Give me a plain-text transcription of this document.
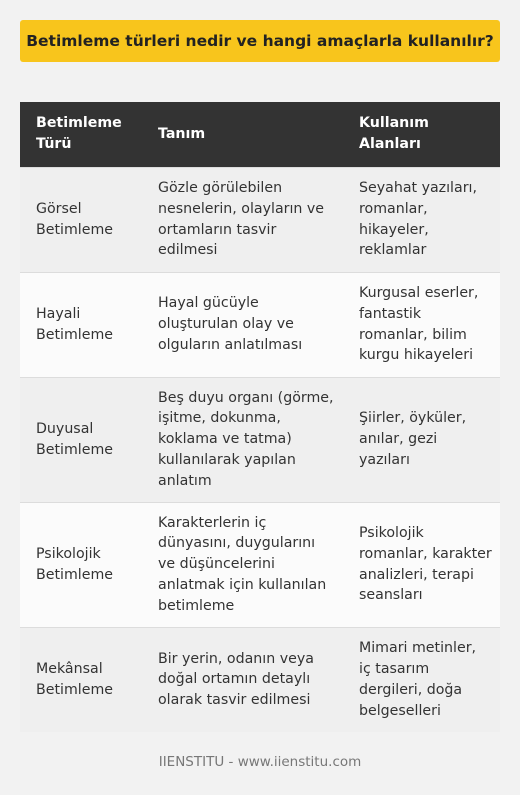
Betimleme türleri nedir ve hangi amaçlarla kullanılır?
Betimleme Türü	Tanım	Kullanım Alanları
Görsel Betimleme	Gözle görülebilen nesnelerin, olayların ve ortamların tasvir edilmesi	Seyahat yazıları, romanlar, hikayeler, reklamlar
Hayali Betimleme	Hayal gücüyle oluşturulan olay ve olguların anlatılması	Kurgusal eserler, fantastik romanlar, bilim kurgu hikayeleri
Duyusal Betimleme	Beş duyu organı (görme, işitme, dokunma, koklama ve tatma) kullanılarak yapılan anlatım	Şiirler, öyküler, anılar, gezi yazıları
Psikolojik Betimleme	Karakterlerin iç dünyasını, duygularını ve düşüncelerini anlatmak için kullanılan betimleme	Psikolojik romanlar, karakter analizleri, terapi seansları
Mekânsal Betimleme	Bir yerin, odanın veya doğal ortamın detaylı olarak tasvir edilmesi	Mimari metinler, iç tasarım dergileri, doğa belgeselleri
IIENSTITU - www.iienstitu.com
